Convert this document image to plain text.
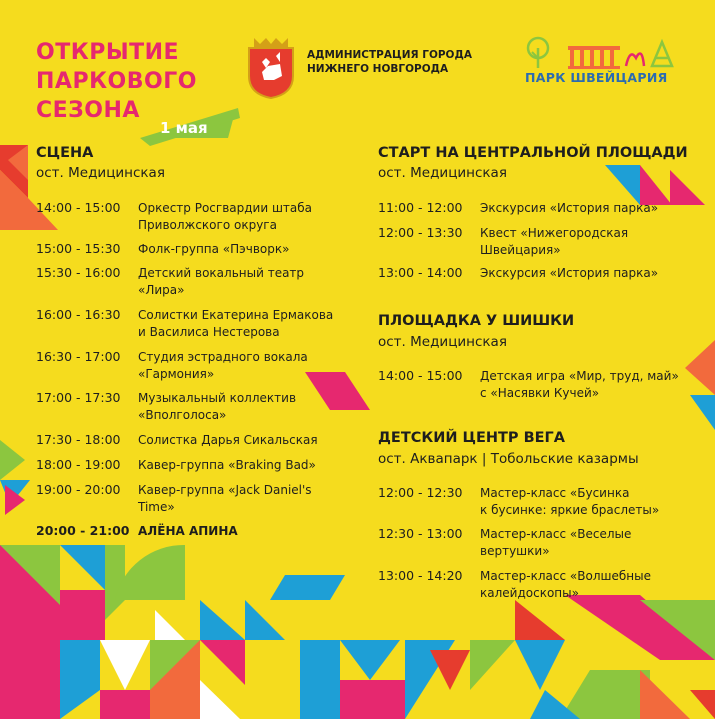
ОТКРЫТИЕ
ПАРКОВОГО
СЕЗОНА
1 мая
АДМИНИСТРАЦИЯ ГОРОДА
НИЖНЕГО НОВГОРОДА
ПАРК ШВЕЙЦАРИЯ
СЦЕНА
ост. Медицинская
14:00 - 15:00 Оркестр Росгвардии штаба
Приволжского округа
15:00 - 15:30 Фолк-группа «Пэчворк»
15:30 - 16:00 Детский вокальный театр
«Лира»
16:00 - 16:30 Солистки Екатерина Ермакова
и Василиса Нестерова
16:30 - 17:00 Студия эстрадного вокала
«Гармония»
17:00 - 17:30 Музыкальный коллектив
«Вполголоса»
17:30 - 18:00 Солистка Дарья Сикальская
18:00 - 19:00 Кавер-группа «Braking Bad»
19:00 - 20:00 Кавер-группа «Jack Daniel's
Time»
20:00 - 21:00 АЛЁНА АПИНА
СТАРТ НА ЦЕНТРАЛЬНОЙ ПЛОЩАДИ
ост. Медицинская
11:00 - 12:00 Экскурсия «История парка»
12:00 - 13:30 Квест «Нижегородская
Швейцария»
13:00 - 14:00 Экскурсия «История парка»
ПЛОЩАДКА У ШИШКИ
ост. Медицинская
14:00 - 15:00 Детская игра «Мир, труд, май»
с «Насявки Кучей»
ДЕТСКИЙ ЦЕНТР ВЕГА
ост. Аквапарк | Тобольские казармы
12:00 - 12:30 Мастер-класс «Бусинка
к бусинке: яркие браслеты»
12:30 - 13:00 Мастер-класс «Веселые
вертушки»
13:00 - 14:20 Мастер-класс «Волшебные
калейдоскопы»
